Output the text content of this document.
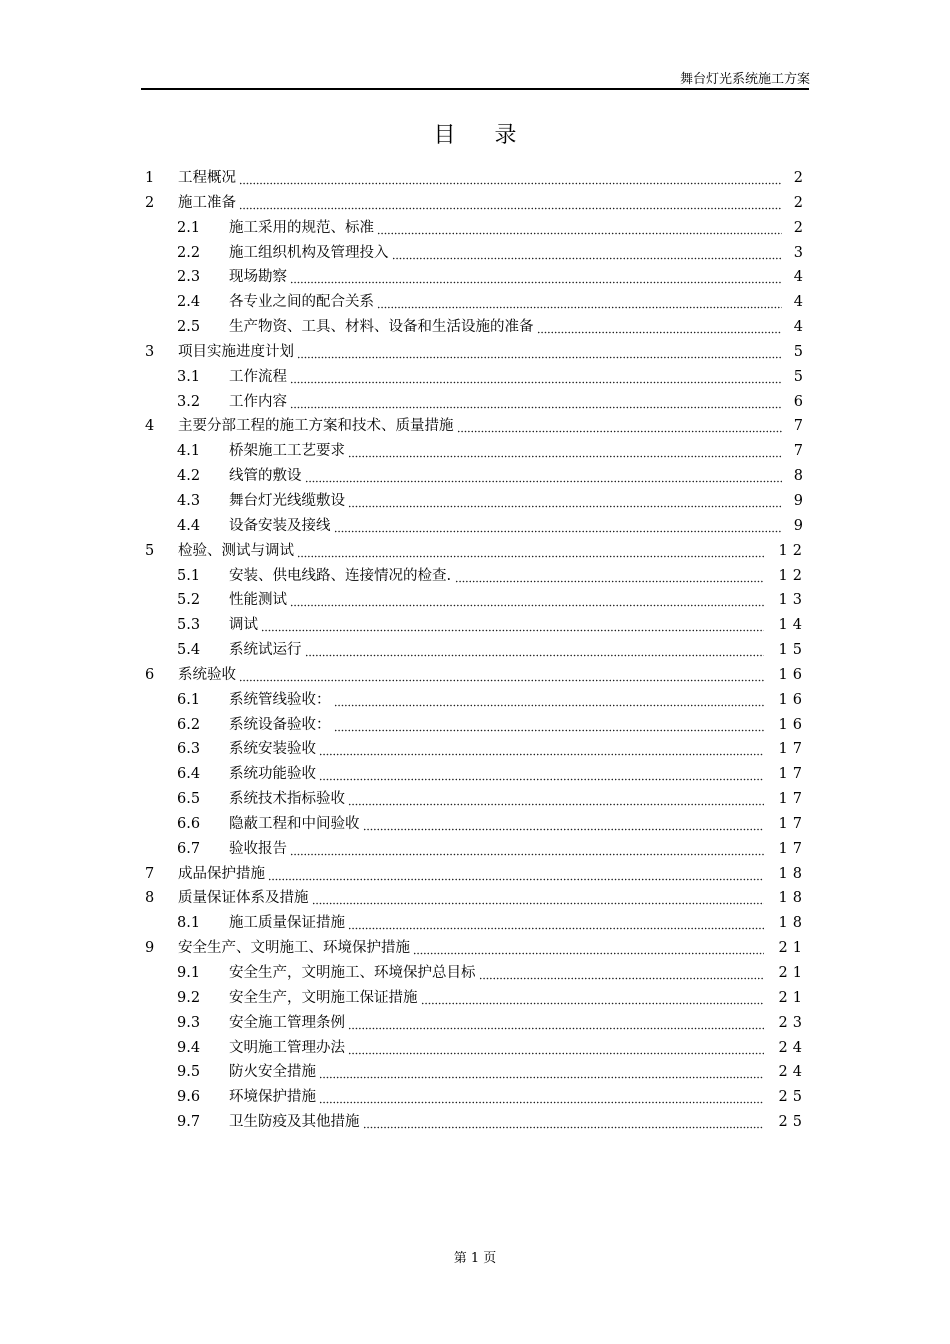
舞台灯光系统施工方案
目 录
1 工程概况	2
2 施工准备	2
2.1 施工采用的规范、标准	2
2.2 施工组织机构及管理投入	3
2.3 现场勘察	4
2.4 各专业之间的配合关系	4
2.5 生产物资、工具、材料、设备和生活设施的准备	4
3 项目实施进度计划	5
3.1 工作流程	5
3.2 工作内容	6
4 主要分部工程的施工方案和技术、质量措施	7
4.1 桥架施工工艺要求	7
4.2 线管的敷设	8
4.3 舞台灯光线缆敷设	9
4.4 设备安装及接线	9
5 检验、测试与调试	12
5.1 安装、供电线路、连接情况的检查.	12
5.2 性能测试	13
5.3 调试	14
5.4 系统试运行	15
6 系统验收	16
6.1 系统管线验收：	16
6.2 系统设备验收：	16
6.3 系统安装验收	17
6.4 系统功能验收	17
6.5 系统技术指标验收	17
6.6 隐蔽工程和中间验收	17
6.7 验收报告	17
7 成品保护措施	18
8 质量保证体系及措施	18
8.1 施工质量保证措施	18
9 安全生产、文明施工、环境保护措施	21
9.1 安全生产，文明施工、环境保护总目标	21
9.2 安全生产，文明施工保证措施	21
9.3 安全施工管理条例	23
9.4 文明施工管理办法	24
9.5 防火安全措施	24
9.6 环境保护措施	25
9.7 卫生防疫及其他措施	25
第 1 页
